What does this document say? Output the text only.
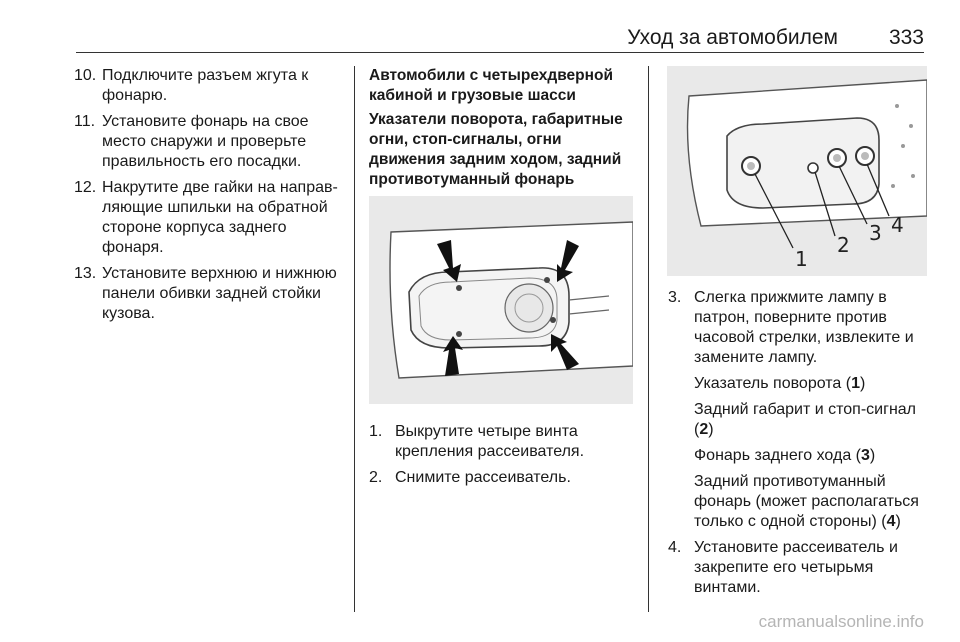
Уход за автомобилем 333
10. Подключите разъем жгута к фонарю.
11. Установите фонарь на свое место снаружи и проверьте правильность его посадки.
12. Накрутите две гайки на направляющие шпильки на обратной стороне корпуса заднего фонаря.
13. Установите верхнюю и нижнюю панели обивки задней стойки кузова.
Автомобили с четырехдверной кабиной и грузовые шасси
Указатели поворота, габаритные огни, стоп-сигналы, огни движения задним ходом, задний противотуманный фонарь
1. Выкрутите четыре винта крепления рассеивателя.
2. Снимите рассеиватель.
1
2 3 4
3. Слегка прижмите лампу в патрон, поверните против часовой стрелки, извлеките и замените лампу.
Указатель поворота (1)
Задний габарит и стоп-сигнал (2)
Фонарь заднего хода (3)
Задний противотуманный фонарь (может располагаться только с одной стороны) (4)
4. Установите рассеиватель и закрепите его четырьмя винтами.
carmanualsonline.info
